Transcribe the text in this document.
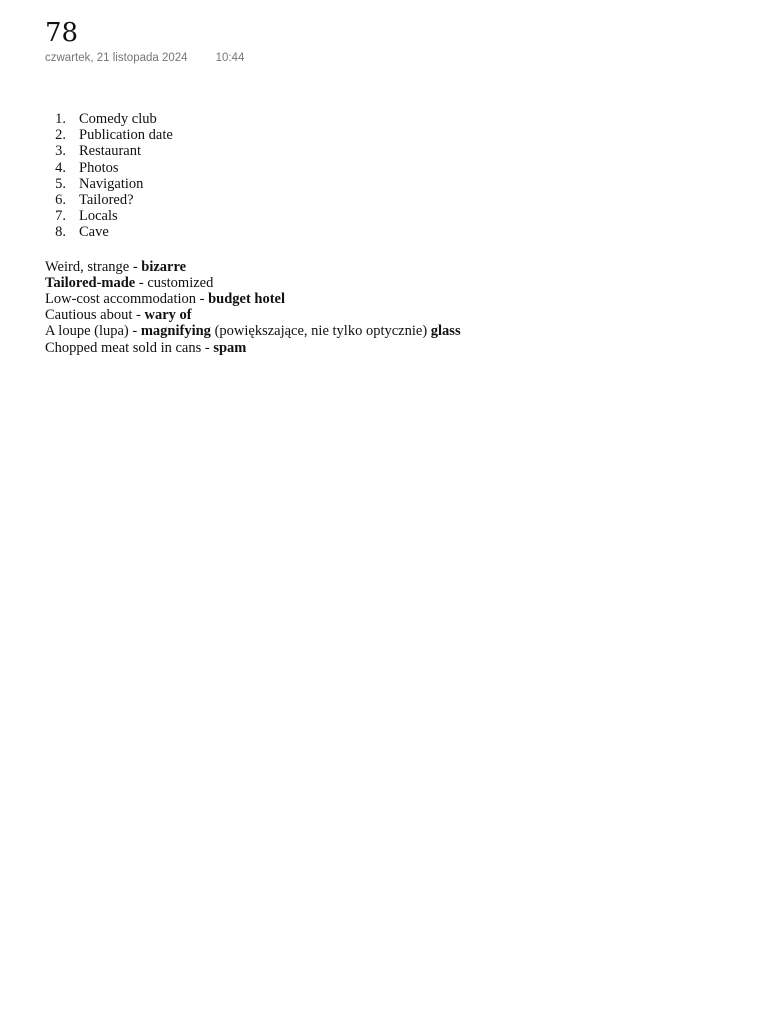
78
czwartek, 21 listopada 2024 10:44
1. Comedy club
2. Publication date
3. Restaurant
4. Photos
5. Navigation
6. Tailored?
7. Locals
8. Cave
Weird, strange - bizarre
Tailored-made - customized
Low-cost accommodation - budget hotel
Cautious about - wary of
A loupe (lupa) - magnifying (powiększające, nie tylko optycznie) glass
Chopped meat sold in cans - spam
